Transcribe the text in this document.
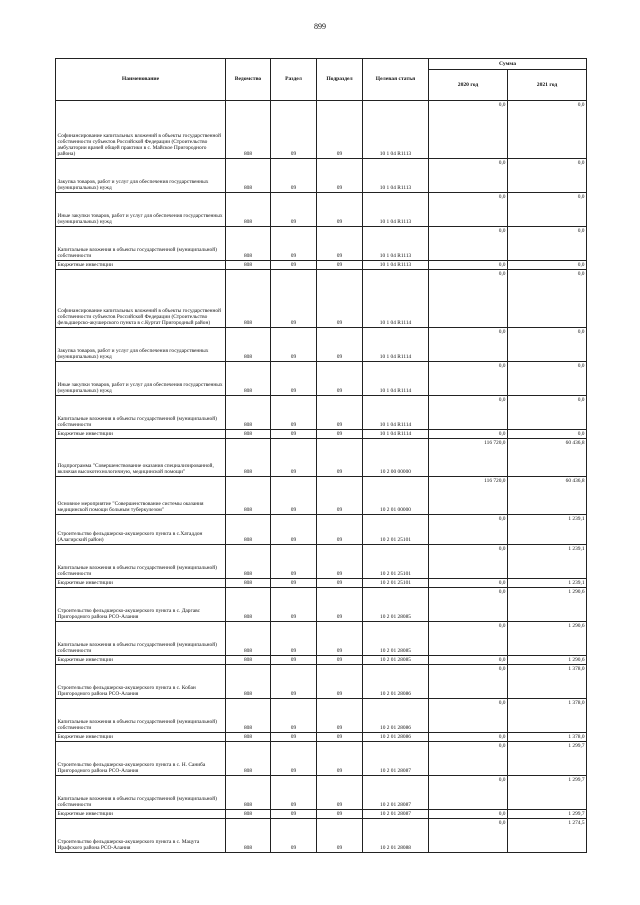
899
Наименование	Ведомство	Раздел	Подраздел	Целевая статья	Сумма	
					2020 год	2021 год
Софинансирование капитальных вложений в объекты государственной собственности субъектов Российской Федерации (Строительство амбулатории врачей общей практики в с. Майское Пригородного района)	808	09	09	10 1 04 R1113	0,0	0,0
Закупка товаров, работ и услуг для обеспечения государственных (муниципальных) нужд	808	09	09	10 1 04 R1113	0,0	0,0
Иные закупки товаров, работ и услуг для обеспечения государственных (муниципальных) нужд	808	09	09	10 1 04 R1113	0,0	0,0
Капитальные вложения в объекты государственной (муниципальной) собственности	808	09	09	10 1 04 R1113	0,0	0,0
Бюджетные инвестиции	808	09	09	10 1 04 R1113	0,0	0,0
Софинансирование капитальных вложений в объекты государственной собственности субъектов Российской Федерации (Строительство фельдшерско-акушерского пункта в с.Куртат Пригородный район)	808	09	09	10 1 04 R1114	0,0	0,0
Закупка товаров, работ и услуг для обеспечения государственных (муниципальных) нужд	808	09	09	10 1 04 R1114	0,0	0,0
Иные закупки товаров, работ и услуг для обеспечения государственных (муниципальных) нужд	808	09	09	10 1 04 R1114	0,0	0,0
Капитальные вложения в объекты государственной (муниципальной) собственности	808	09	09	10 1 04 R1114	0,0	0,0
Бюджетные инвестиции	808	09	09	10 1 04 R1114	0,0	0,0
Подпрограмма "Совершенствование оказания специализированной, включая высокотехнологичную, медицинской помощи"	808	09	09	10 2 00 00000	116 720,0	60 436,8
Основное мероприятие "Совершенствование системы оказания медицинской помощи больным туберкулезом"	808	09	09	10 2 01 00000	116 720,0	60 436,8
Строительство фельдшерско-акушерского пункта в с.Хатаддон (Алагирский район)	808	09	09	10 2 01 25101	0,0	1 239,1
Капитальные вложения в объекты государственной (муниципальной) собственности	808	09	09	10 2 01 25101	0,0	1 239,1
Бюджетные инвестиции	808	09	09	10 2 01 25101	0,0	1 239,1
Строительство фельдшерско-акушерского пункта в с. Даргавс Пригородного района РСО-Алания	808	09	09	10 2 01 28085	0,0	1 290,6
Капитальные вложения в объекты государственной (муниципальной) собственности	808	09	09	10 2 01 28085	0,0	1 290,6
Бюджетные инвестиции	808	09	09	10 2 01 28085	0,0	1 290,6
Строительство фельдшерско-акушерского пункта в с. Кобан Пригородного района РСО-Алания	808	09	09	10 2 01 28086	0,0	1 378,0
Капитальные вложения в объекты государственной (муниципальной) собственности	808	09	09	10 2 01 28086	0,0	1 378,0
Бюджетные инвестиции	808	09	09	10 2 01 28086	0,0	1 378,0
Строительство фельдшерско-акушерского пункта в с. Н. Саниба Пригородного района РСО-Алания	808	09	09	10 2 01 28087	0,0	1 299,7
Капитальные вложения в объекты государственной (муниципальной) собственности	808	09	09	10 2 01 28087	0,0	1 299,7
Бюджетные инвестиции	808	09	09	10 2 01 28087	0,0	1 299,7
Строительство фельдшерско-акушерского пункта в с. Мацута Ирафского района РСО-Алания	808	09	09	10 2 01 28088	0,0	1 274,5
